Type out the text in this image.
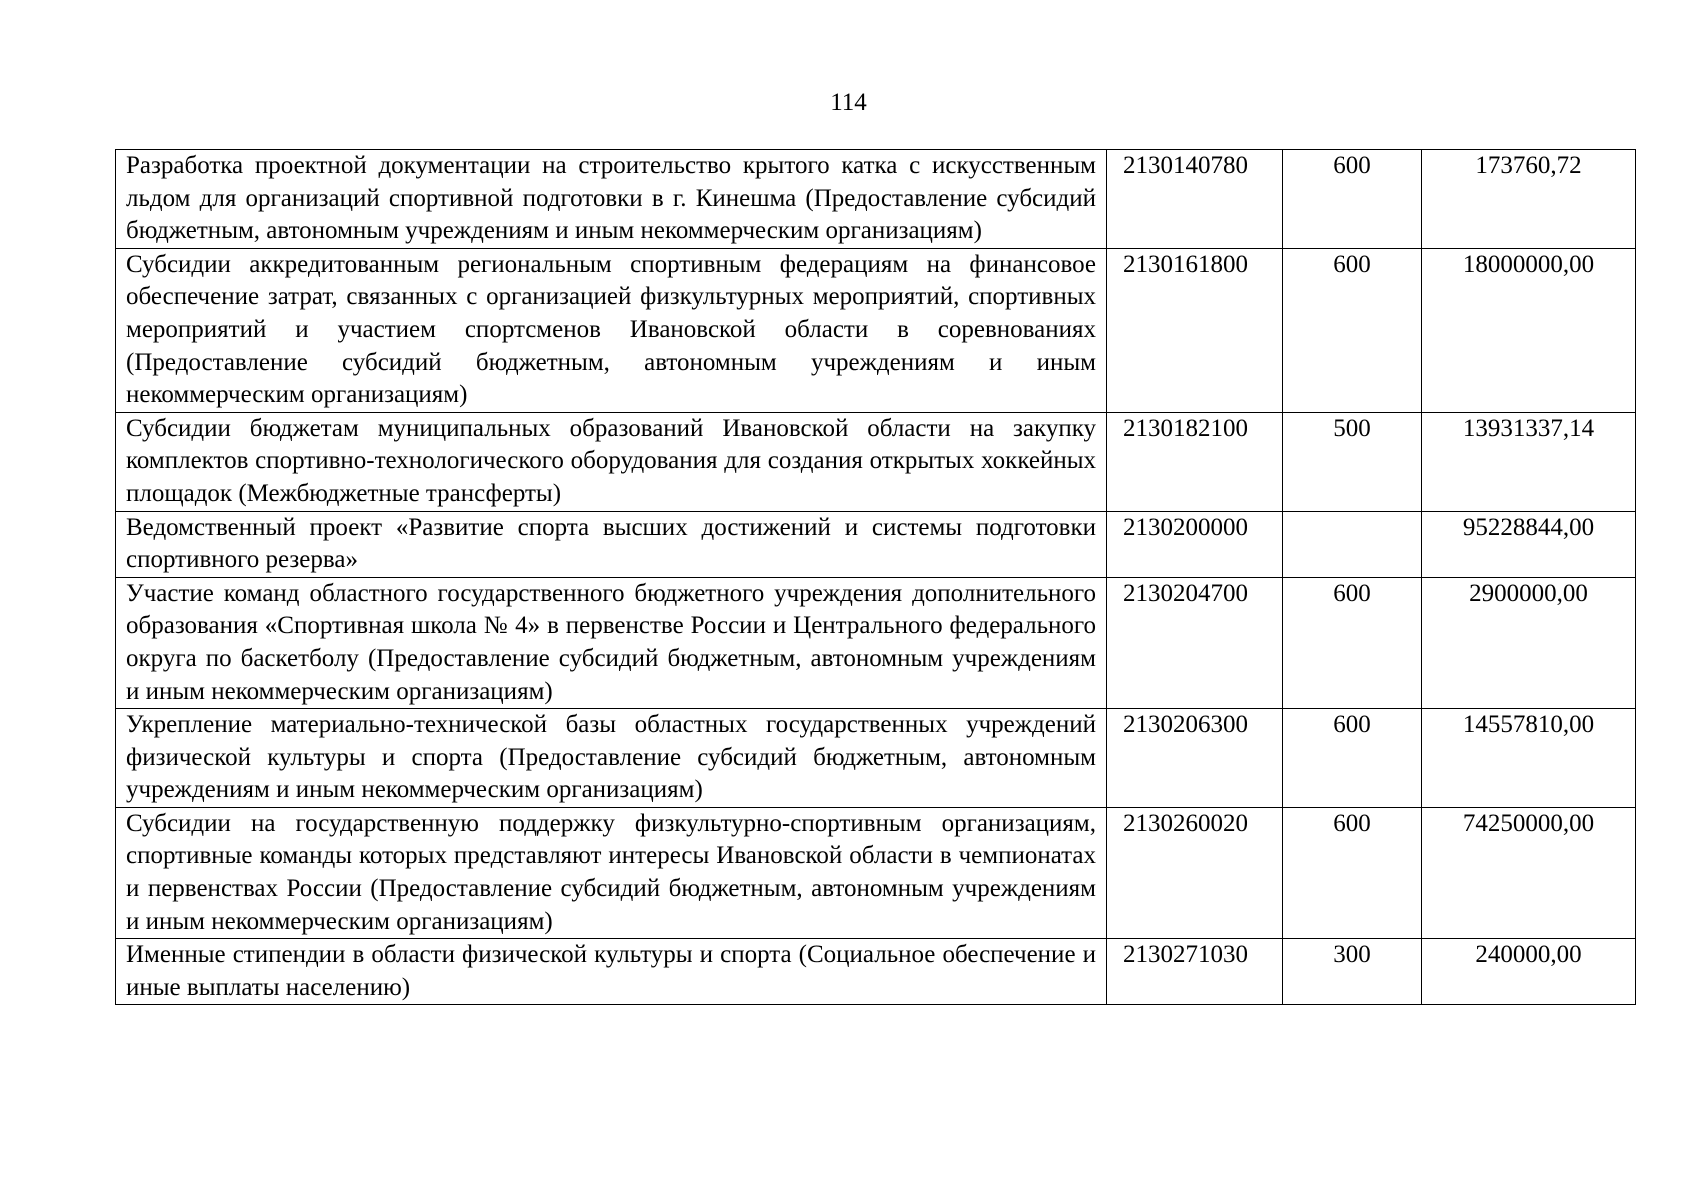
114
Разработка проектной документации на строительство крытого катка с искусственным льдом для организаций спортивной подготовки в г. Кинешма (Предоставление субсидий бюджетным, автономным учреждениям и иным некоммерческим организациям)	2130140780	600	173760,72
Субсидии аккредитованным региональным спортивным федерациям на финансовое обеспечение затрат, связанных с организацией физкультурных мероприятий, спортивных мероприятий и участием спортсменов Ивановской области в соревнованиях (Предоставление субсидий бюджетным, автономным учреждениям и иным некоммерческим организациям)	2130161800	600	18000000,00
Субсидии бюджетам муниципальных образований Ивановской области на закупку комплектов спортивно-технологического оборудования для создания открытых хоккейных площадок (Межбюджетные трансферты)	2130182100	500	13931337,14
Ведомственный проект «Развитие спорта высших достижений и системы подготовки спортивного резерва»	2130200000		95228844,00
Участие команд областного государственного бюджетного учреждения дополнительного образования «Спортивная школа № 4» в первенстве России и Центрального федерального округа по баскетболу (Предоставление субсидий бюджетным, автономным учреждениям и иным некоммерческим организациям)	2130204700	600	2900000,00
Укрепление материально-технической базы областных государственных учреждений физической культуры и спорта (Предоставление субсидий бюджетным, автономным учреждениям и иным некоммерческим организациям)	2130206300	600	14557810,00
Субсидии на государственную поддержку физкультурно-спортивным организациям, спортивные команды которых представляют интересы Ивановской области в чемпионатах и первенствах России (Предоставление субсидий бюджетным, автономным учреждениям и иным некоммерческим организациям)	2130260020	600	74250000,00
Именные стипендии в области физической культуры и спорта (Социальное обеспечение и иные выплаты населению)	2130271030	300	240000,00
